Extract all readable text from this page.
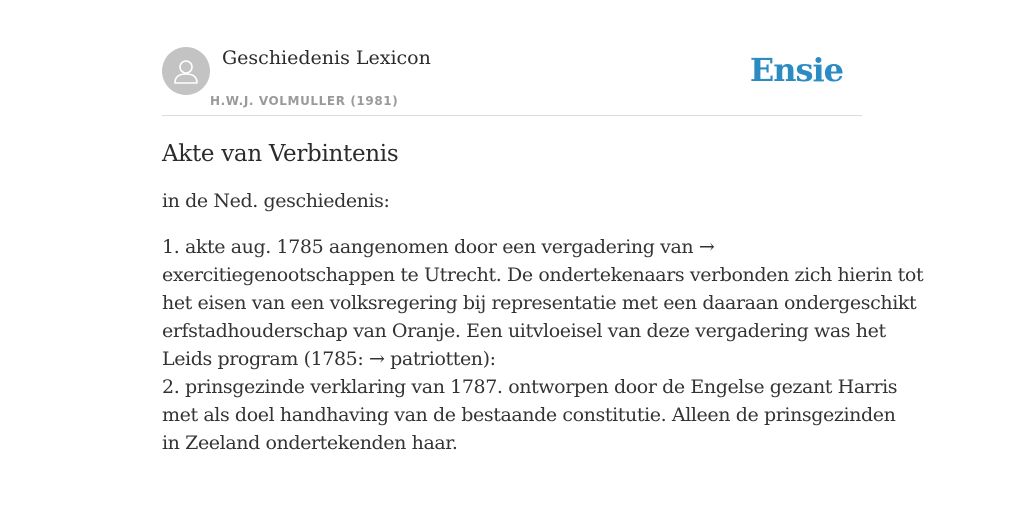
Geschiedenis Lexicon
H.W.J. VOLMULLER (1981)
Ensie
Akte van Verbintenis

in de Ned. geschiedenis:

1. akte aug. 1785 aangenomen door een vergadering van →
exercitiegenootschappen te Utrecht. De ondertekenaars verbonden zich hierin tot
het eisen van een volksregering bij representatie met een daaraan ondergeschikt
erfstadhouderschap van Oranje. Een uitvloeisel van deze vergadering was het
Leids program (1785: → patriotten):
2. prinsgezinde verklaring van 1787. ontworpen door de Engelse gezant Harris
met als doel handhaving van de bestaande constitutie. Alleen de prinsgezinden
in Zeeland ondertekenden haar.
